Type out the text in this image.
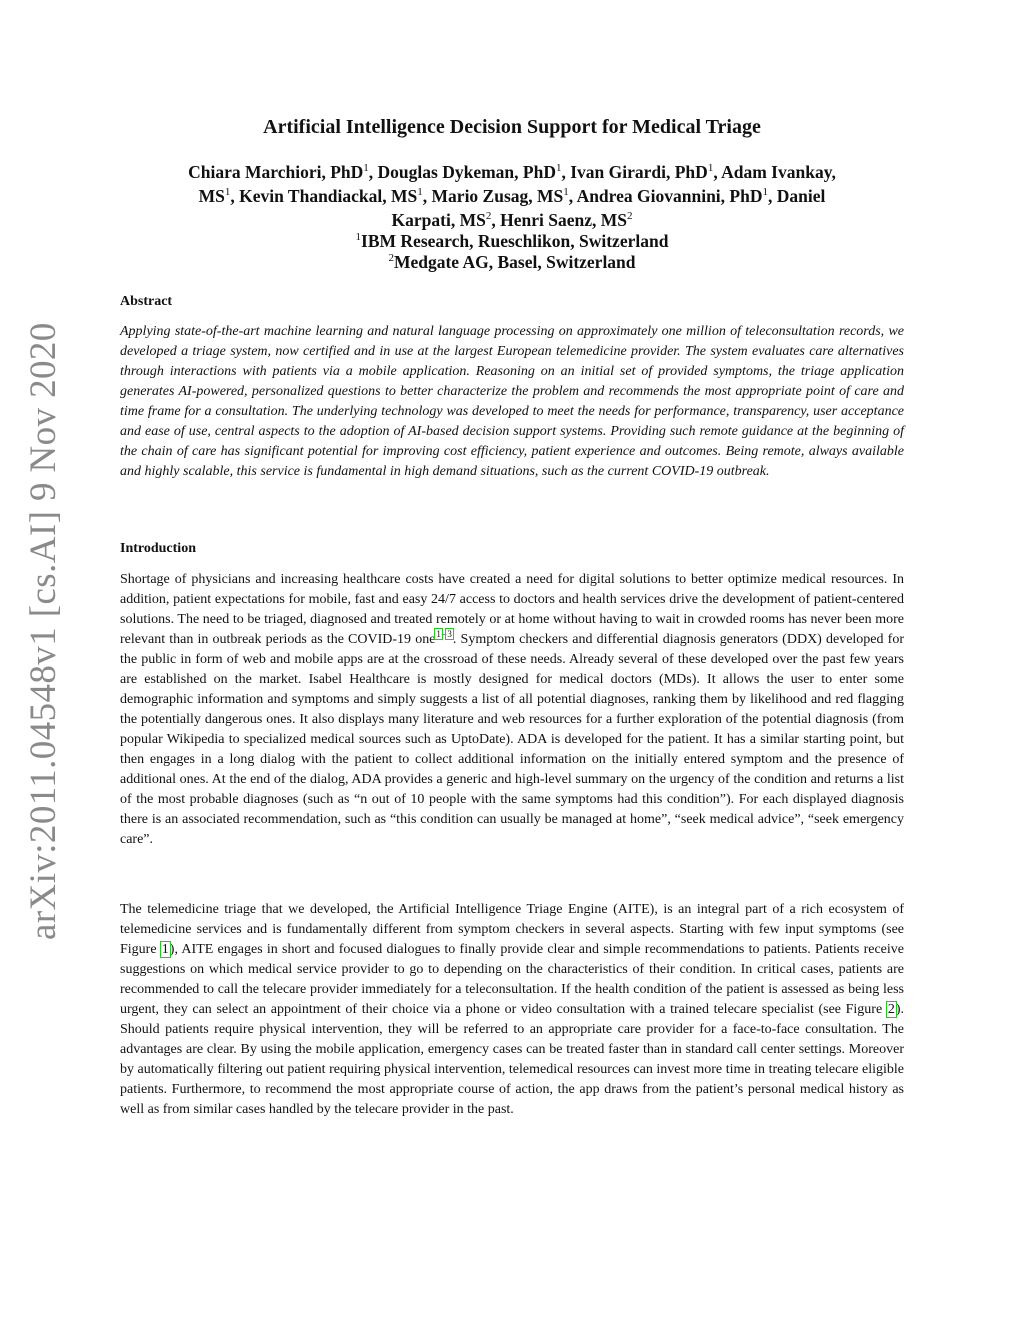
arXiv:2011.04548v1 [cs.AI] 9 Nov 2020
Artificial Intelligence Decision Support for Medical Triage
Chiara Marchiori, PhD$^1$, Douglas Dykeman, PhD$^1$, Ivan Girardi, PhD$^1$, Adam Ivankay,
$MS^1$, Kevin Thandiackal, $MS^1$, Mario Zusag, $MS^1$, Andrea Giovannini, PhD$^1$, Daniel
Karpati, $MS^2$, Henri Saenz, $MS^2$
$^1$IBM Research, Rueschlikon, Switzerland
$^2$Medgate AG, Basel, Switzerland
Abstract

Applying state-of-the-art machine learning and natural language processing on approximately one million of teleconsultation records, we developed a triage system, now certified and in use at the largest European telemedicine provider. The system evaluates care alternatives through interactions with patients via a mobile application. Reasoning on an initial set of provided symptoms, the triage application generates AI-powered, personalized questions to better characterize the problem and recommends the most appropriate point of care and time frame for a consultation. The underlying technology was developed to meet the needs for performance, transparency, user acceptance and ease of use, central aspects to the adoption of AI-based decision support systems. Providing such remote guidance at the beginning of the chain of care has significant potential for improving cost efficiency, patient experience and outcomes. Being remote, always available and highly scalable, this service is fundamental in high demand situations, such as the current COVID-19 outbreak.

Introduction

Shortage of physicians and increasing healthcare costs have created a need for digital solutions to better optimize medical resources. In addition, patient expectations for mobile, fast and easy 24/7 access to doctors and health services drive the development of patient-centered solutions. The need to be triaged, diagnosed and treated remotely or at home without having to wait in crowded rooms has never been more relevant than in outbreak periods as the COVID-19 one$^{1-3}$. Symptom checkers and differential diagnosis generators (DDX) developed for the public in form of web and mobile apps are at the crossroad of these needs. Already several of these developed over the past few years are established on the market. Isabel Healthcare is mostly designed for medical doctors (MDs). It allows the user to enter some demographic information and symptoms and simply suggests a list of all potential diagnoses, ranking them by likelihood and red flagging the potentially dangerous ones. It also displays many literature and web resources for a further exploration of the potential diagnosis (from popular Wikipedia to specialized medical sources such as UptoDate). ADA is developed for the patient. It has a similar starting point, but then engages in a long dialog with the patient to collect additional information on the initially entered symptom and the presence of additional ones. At the end of the dialog, ADA provides a generic and high-level summary on the urgency of the condition and returns a list of the most probable diagnoses (such as “n out of 10 people with the same symptoms had this condition”). For each displayed diagnosis there is an associated recommendation, such as “this condition can usually be managed at home”, “seek medical advice”, “seek emergency care”.

The telemedicine triage that we developed, the Artificial Intelligence Triage Engine (AITE), is an integral part of a rich ecosystem of telemedicine services and is fundamentally different from symptom checkers in several aspects. Starting with few input symptoms (see Figure 1), AITE engages in short and focused dialogues to finally provide clear and simple recommendations to patients. Patients receive suggestions on which medical service provider to go to depending on the characteristics of their condition. In critical cases, patients are recommended to call the telecare provider immediately for a teleconsultation. If the health condition of the patient is assessed as being less urgent, they can select an appointment of their choice via a phone or video consultation with a trained telecare specialist (see Figure 2). Should patients require physical intervention, they will be referred to an appropriate care provider for a face-to-face consultation. The advantages are clear. By using the mobile application, emergency cases can be treated faster than in standard call center settings. Moreover by automatically filtering out patient requiring physical intervention, telemedical resources can invest more time in treating telecare eligible patients. Furthermore, to recommend the most appropriate course of action, the app draws from the patient’s personal medical history as well as from similar cases handled by the telecare provider in the past.
